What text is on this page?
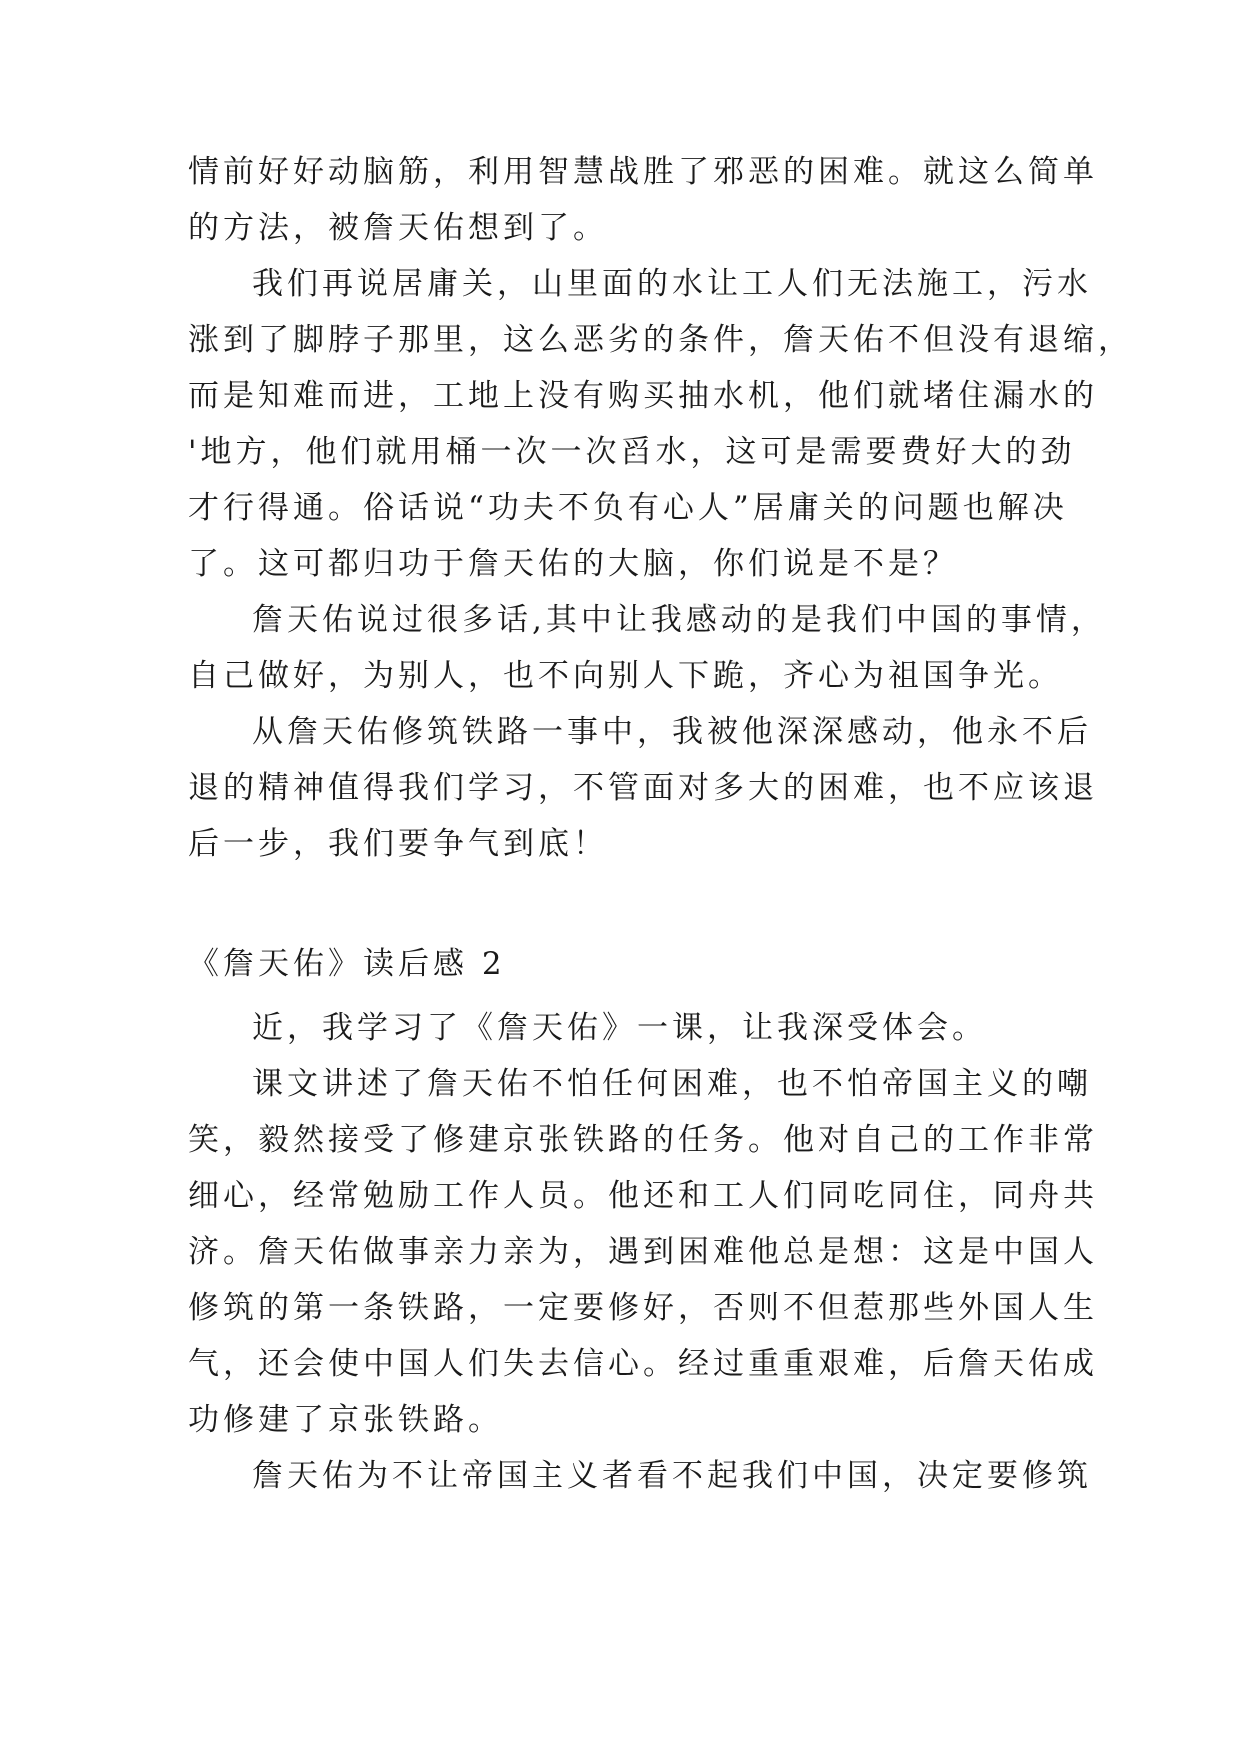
情前好好动脑筋，利用智慧战胜了邪恶的困难。就这么简单
的方法，被詹天佑想到了。
我们再说居庸关，山里面的水让工人们无法施工，污水
涨到了脚脖子那里，这么恶劣的条件，詹天佑不但没有退缩，
而是知难而进，工地上没有购买抽水机，他们就堵住漏水的
'地方，他们就用桶一次一次舀水，这可是需要费好大的劲
才行得通。俗话说“功夫不负有心人”居庸关的问题也解决
了。这可都归功于詹天佑的大脑，你们说是不是？
詹天佑说过很多话,其中让我感动的是我们中国的事情，
自己做好，为别人，也不向别人下跪，齐心为祖国争光。
从詹天佑修筑铁路一事中，我被他深深感动，他永不后
退的精神值得我们学习，不管面对多大的困难，也不应该退
后一步，我们要争气到底！
《詹天佑》读后感 2
近，我学习了《詹天佑》一课，让我深受体会。
课文讲述了詹天佑不怕任何困难，也不怕帝国主义的嘲
笑，毅然接受了修建京张铁路的任务。他对自己的工作非常
细心，经常勉励工作人员。他还和工人们同吃同住，同舟共
济。詹天佑做事亲力亲为，遇到困难他总是想：这是中国人
修筑的第一条铁路，一定要修好，否则不但惹那些外国人生
气，还会使中国人们失去信心。经过重重艰难，后詹天佑成
功修建了京张铁路。
詹天佑为不让帝国主义者看不起我们中国，决定要修筑
